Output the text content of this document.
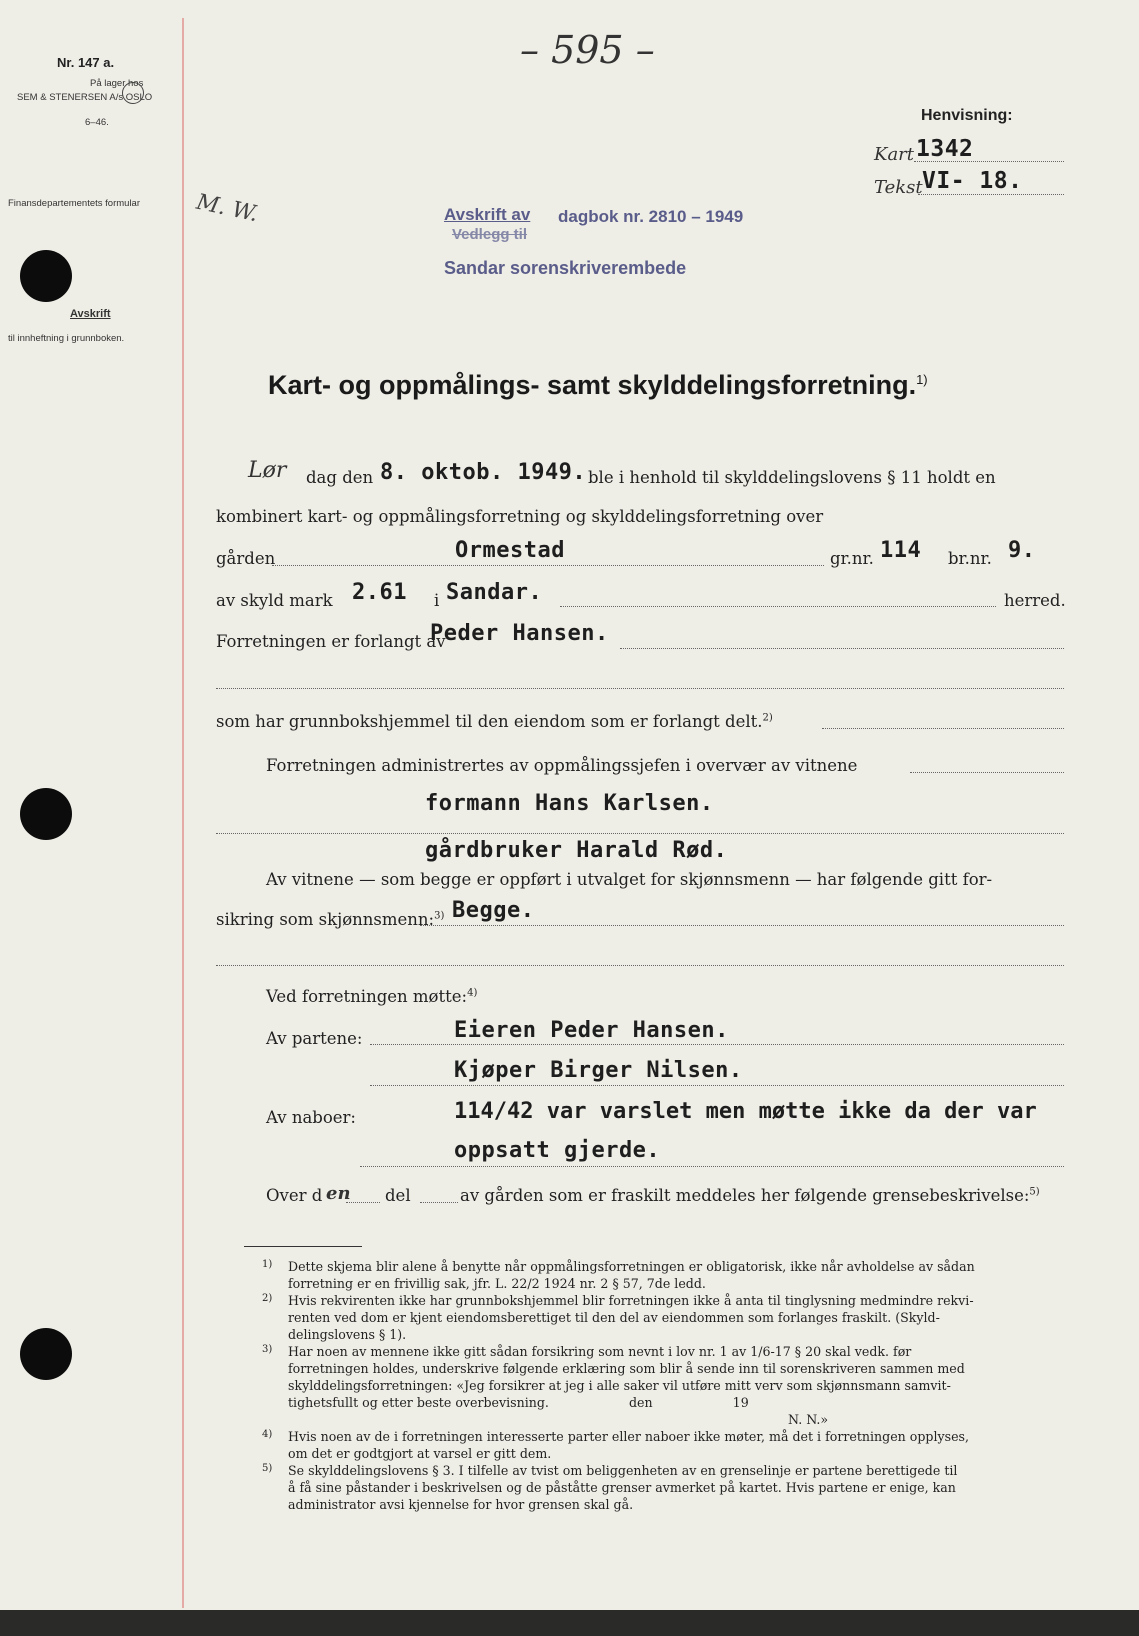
– 595 –
Nr. 147 a.
På lager hos
SEM & STENERSEN A/s OSLO
6–46.
Finansdepartementets formular M. W.
Avskrift
til innheftning i grunnboken.
Henvisning:
Kart 1342
Tekst VI- 18.
Avskrift av
Vedlegg til
dagbok nr. 2810 – 1949
Sandar sorenskriverembede
Kart- og oppmålings- samt skylddelingsforretning.$^{1)}$
Lør dag den 8. oktob. 1949. ble i henhold til skylddelingslovens § 11 holdt en
kombinert kart- og oppmålingsforretning og skylddelingsforretning over
gården	Ormestad	gr.nr. 114 br.nr. 9.
av skyld mark 2.61 i Sandar.	herred.
Forretningen er forlangt av
Peder Hansen.
som har grunnbokshjemmel til den eiendom som er forlangt delt.$^{2)}$
Forretningen administrertes av oppmålingssjefen i overvær av vitnene
formann Hans Karlsen.
gårdbruker Harald Rød.
Av vitnene — som begge er oppført i utvalget for skjønnsmenn — har følgende gitt for-
sikring som skjønnsmenn:$^{3)}$ Begge.
Ved forretningen møtte:$^{4)}$
Av partene:	Eieren Peder Hansen.
Kjøper Birger Nilsen.
Av naboer:	114/42 var varslet men møtte ikke da der var
oppsatt gjerde.
Over d en del	av gården som er fraskilt meddeles her følgende grensebeskrivelse:$^{5)}$
1) Dette skjema blir alene å benytte når oppmålingsforretningen er obligatorisk, ikke når avholdelse av sådan
forretning er en frivillig sak, jfr. L. 22/2 1924 nr. 2 § 57, 7de ledd.
2) Hvis rekvirenten ikke har grunnbokshjemmel blir forretningen ikke å anta til tinglysning medmindre rekvi-
renten ved dom er kjent eiendomsberettiget til den del av eiendommen som forlanges fraskilt. (Skyld-
delingslovens § 1).
3) Har noen av mennene ikke gitt sådan forsikring som nevnt i lov nr. 1 av 1/6-17 § 20 skal vedk. før
forretningen holdes, underskrive følgende erklæring som blir å sende inn til sorenskriveren sammen med
skylddelingsforretningen: «Jeg forsikrer at jeg i alle saker vil utføre mitt verv som skjønnsmann samvit-
tighetsfullt og etter beste overbevisning.                    den                    19
N. N.»
4) Hvis noen av de i forretningen interesserte parter eller naboer ikke møter, må det i forretningen opplyses,
om det er godtgjort at varsel er gitt dem.
5) Se skylddelingslovens § 3. I tilfelle av tvist om beliggenheten av en grenselinje er partene berettigede til
å få sine påstander i beskrivelsen og de påståtte grenser avmerket på kartet. Hvis partene er enige, kan
administrator avsi kjennelse for hvor grensen skal gå.
